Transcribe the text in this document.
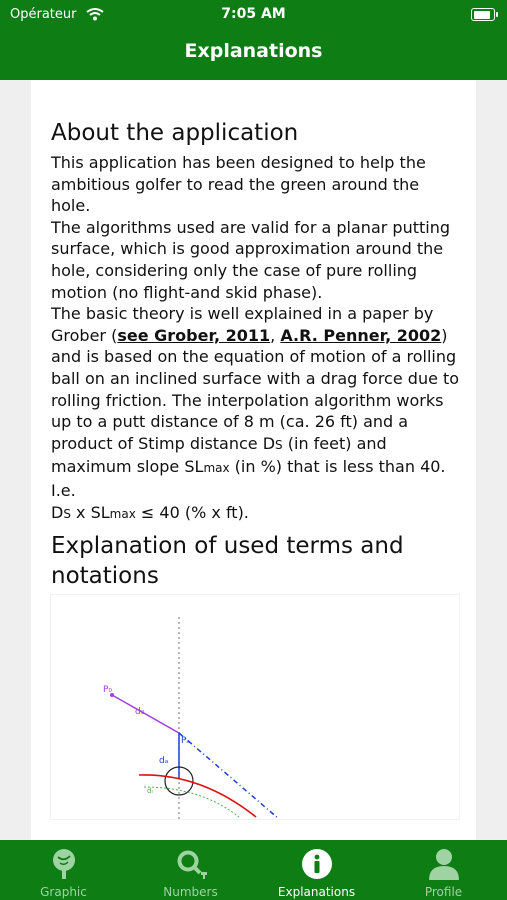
Opérateur	7:05 AM
Explanations
About the application

This application has been designed to help the ambitious golfer to read the green around the hole.

The algorithms used are valid for a planar putting surface, which is good approximation around the hole, considering only the case of pure rolling motion (no flight-and skid phase).

The basic theory is well explained in a paper by Grober (see Grober, 2011, A.R. Penner, 2002) and is based on the equation of motion of a rolling ball on an inclined surface with a drag force due to rolling friction. The interpolation algorithm works up to a putt distance of 8 m (ca. 26 ft) and a product of Stimp distance DS (in feet) and maximum slope SLmax (in %) that is less than 40. I.e.

DS x SLmax ≤ 40 (% x ft).

Explanation of used terms and notations
P₀
d₀
Pₐ
dₐ
dᵣ
Graphic	Numbers	Explanations	Profile
